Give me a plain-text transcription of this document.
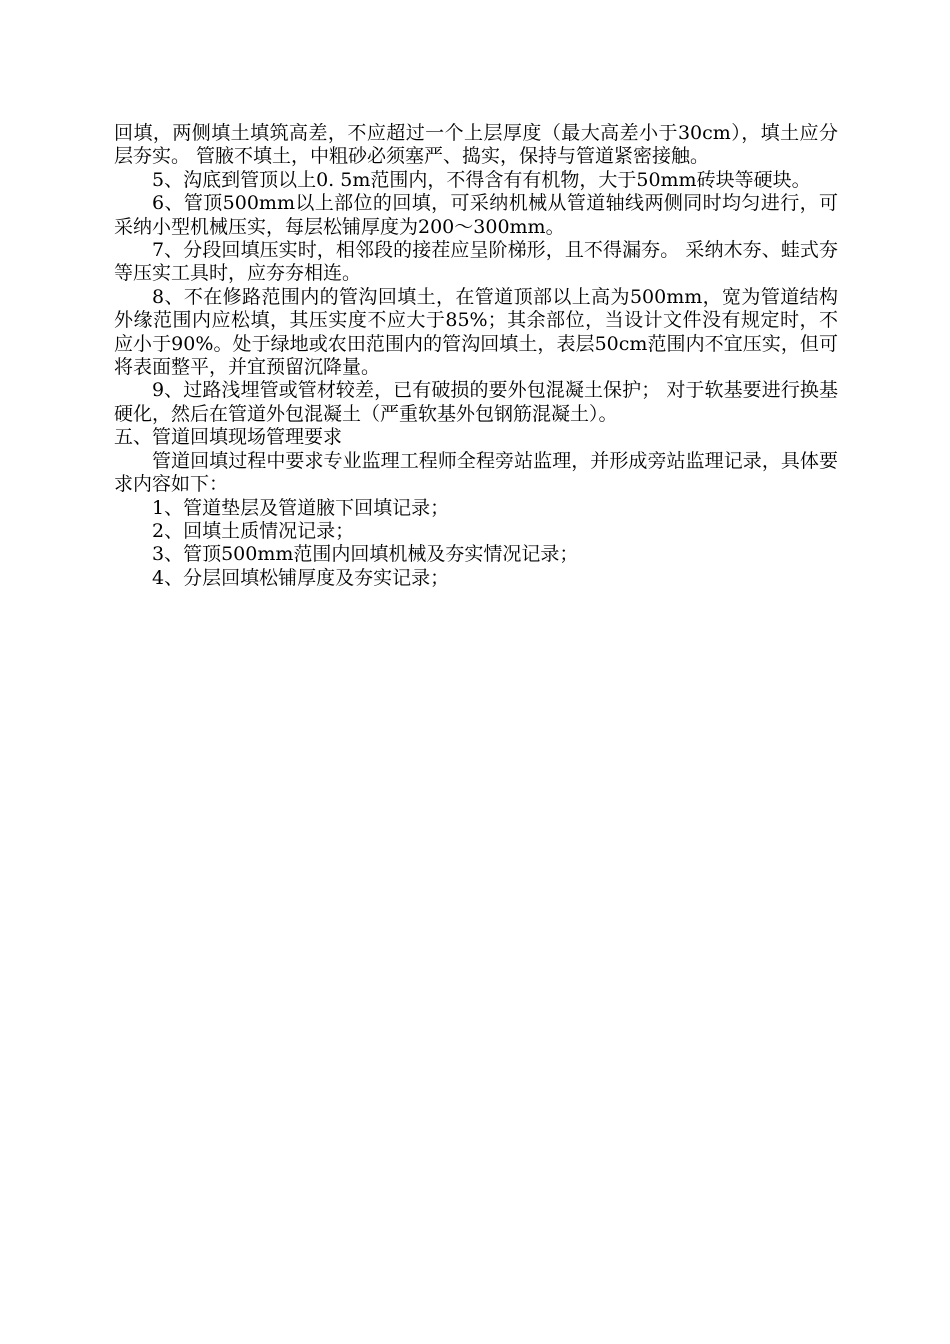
回填，两侧填土填筑高差，不应超过一个上层厚度（最大高差小于30cm），填土应分层夯实。 管腋不填土，中粗砂必须塞严、捣实，保持与管道紧密接触。

5、沟底到管顶以上0. 5m范围内，不得含有有机物，大于50mm砖块等硬块。

6、管顶500mm以上部位的回填，可采纳机械从管道轴线两侧同时均匀进行，可采纳小型机械压实，每层松铺厚度为200～300mm。

7、分段回填压实时，相邻段的接茬应呈阶梯形，且不得漏夯。 采纳木夯、蛙式夯等压实工具时，应夯夯相连。

8、不在修路范围内的管沟回填土，在管道顶部以上高为500mm，宽为管道结构外缘范围内应松填，其压实度不应大于85%；其余部位，当设计文件没有规定时，不应小于90%。处于绿地或农田范围内的管沟回填土，表层50cm范围内不宜压实，但可将表面整平，并宜预留沉降量。

9、过路浅埋管或管材较差，已有破损的要外包混凝土保护； 对于软基要进行换基硬化，然后在管道外包混凝土（严重软基外包钢筋混凝土）。

五、管道回填现场管理要求

管道回填过程中要求专业监理工程师全程旁站监理，并形成旁站监理记录，具体要求内容如下：

1、管道垫层及管道腋下回填记录；

2、回填土质情况记录；

3、管顶500mm范围内回填机械及夯实情况记录；

4、分层回填松铺厚度及夯实记录；
